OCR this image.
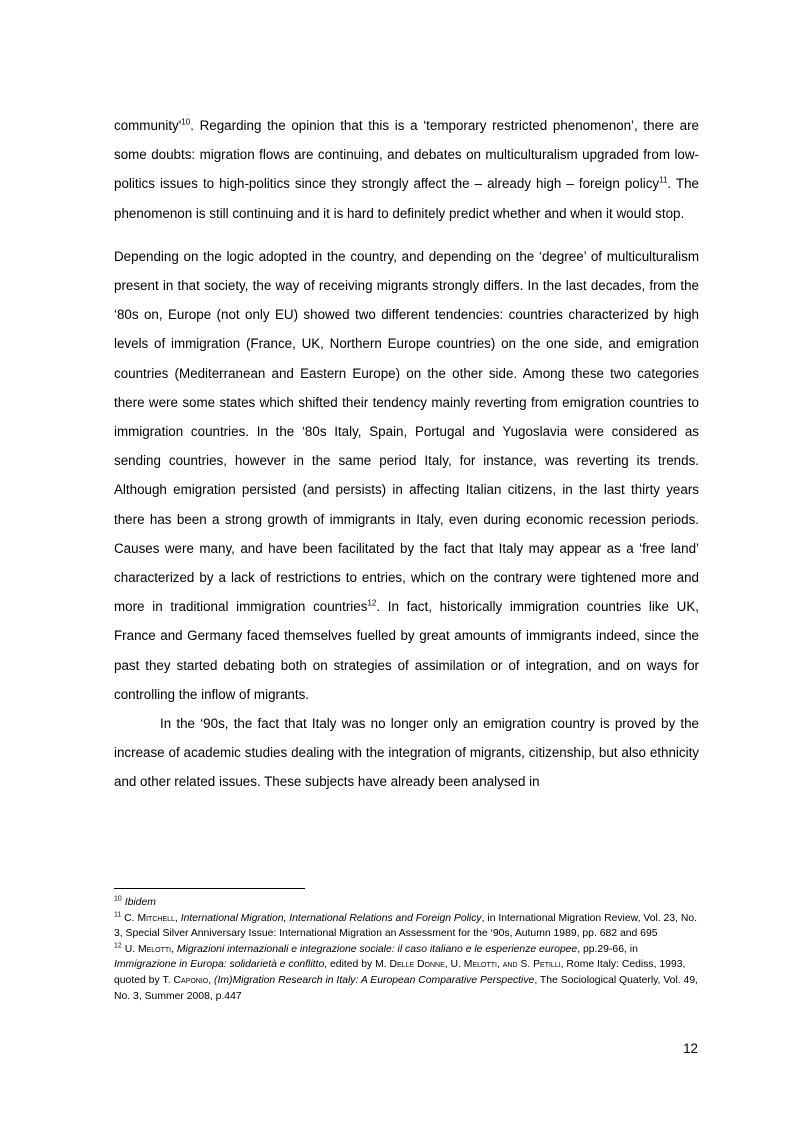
$community'^{10}$. Regarding the opinion that this is a ‘temporary restricted phenomenon’, there are some doubts: migration flows are continuing, and debates on multiculturalism upgraded from low-politics issues to high-politics since they strongly affect the – already high – foreign policy$^{11}$. The phenomenon is still continuing and it is hard to definitely predict whether and when it would stop.

Depending on the logic adopted in the country, and depending on the ‘degree’ of multiculturalism present in that society, the way of receiving migrants strongly differs. In the last decades, from the ‘80s on, Europe (not only EU) showed two different tendencies: countries characterized by high levels of immigration (France, UK, Northern Europe countries) on the one side, and emigration countries (Mediterranean and Eastern Europe) on the other side. Among these two categories there were some states which shifted their tendency mainly reverting from emigration countries to immigration countries. In the ‘80s Italy, Spain, Portugal and Yugoslavia were considered as sending countries, however in the same period Italy, for instance, was reverting its trends. Although emigration persisted (and persists) in affecting Italian citizens, in the last thirty years there has been a strong growth of immigrants in Italy, even during economic recession periods. Causes were many, and have been facilitated by the fact that Italy may appear as a ‘free land’ characterized by a lack of restrictions to entries, which on the contrary were tightened more and more in traditional immigration countries$^{12}$. In fact, historically immigration countries like UK, France and Germany faced themselves fuelled by great amounts of immigrants indeed, since the past they started debating both on strategies of assimilation or of integration, and on ways for controlling the inflow of migrants.

In the ‘90s, the fact that Italy was no longer only an emigration country is proved by the increase of academic studies dealing with the integration of migrants, citizenship, but also ethnicity and other related issues. These subjects have already been analysed in

$^{10}$ Ibidem

$^{11}$ C. Mitchell, International Migration, International Relations and Foreign Policy, in International Migration Review, Vol. 23, No. 3, Special Silver Anniversary Issue: International Migration an Assessment for the ‘90s, Autumn 1989, pp. 682 and 695

$^{12}$ U. Melotti, Migrazioni internazionali e integrazione sociale: il caso italiano e le esperienze europee, pp.29-66, in Immigrazione in Europa: solidarietà e conflitto, edited by M. Delle Donne, U. Melotti, and S. Petilli, Rome Italy: Cediss, 1993, quoted by T. Caponio, (Im)Migration Research in Italy: A European Comparative Perspective, The Sociological Quaterly, Vol. 49, No. 3, Summer 2008, p.447

12
